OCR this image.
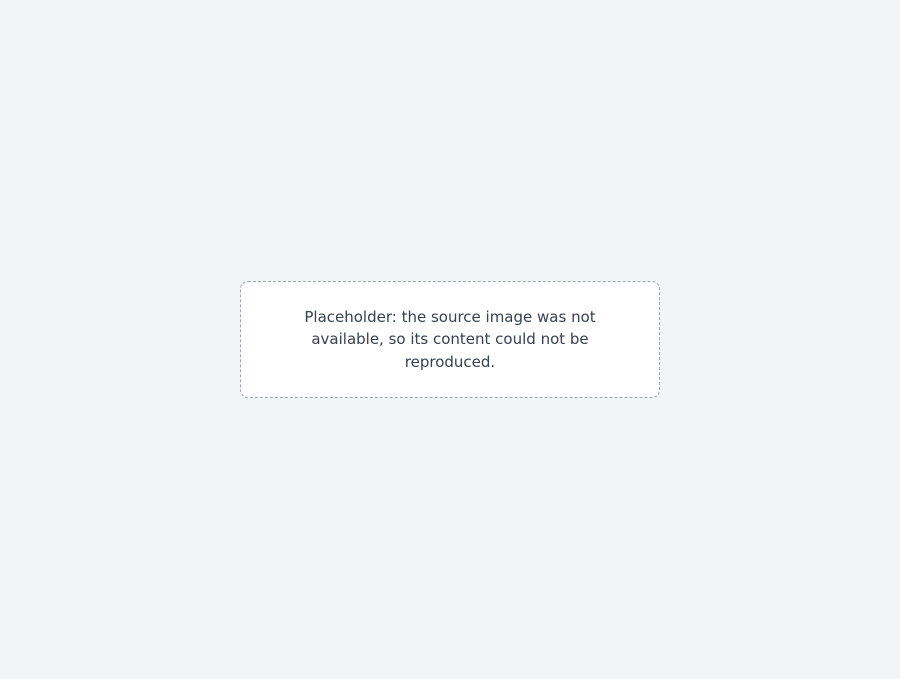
Placeholder: the source image was not available, so its content could not be reproduced.
